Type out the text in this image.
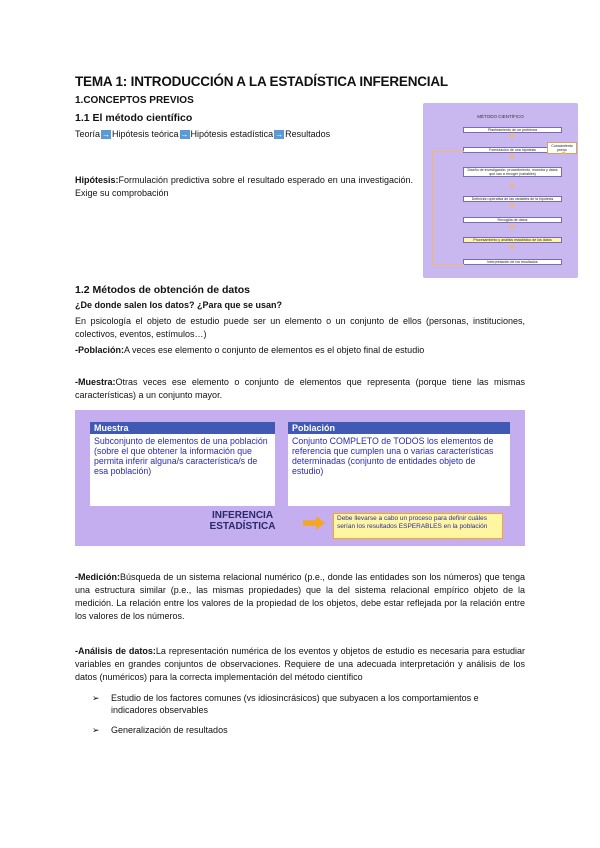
TEMA 1: INTRODUCCIÓN A LA ESTADÍSTICA INFERENCIAL
1.CONCEPTOS PREVIOS
1.1 El método científico
Teoría → Hipótesis teórica → Hipótesis estadística → Resultados
Hipótesis:Formulación predictiva sobre el resultado esperado en una investigación. Exige su comprobación
MÉTODO CIENTÍFICO
Planteamiento de un problema
Formulación de una hipótesis
Diseño de investigación: procedimiento, muestra y datos que van a recoger (variables)
Definición operativa de las variables de la hipótesis
Recogida de datos
Procesamiento y análisis estadístico de los datos
Interpretación de los resultados
Conocimiento previo
1.2 Métodos de obtención de datos
¿De donde salen los datos? ¿Para que se usan?
En psicología el objeto de estudio puede ser un elemento o un conjunto de ellos (personas, instituciones, colectivos, eventos, estímulos…)
-Población:A veces ese elemento o conjunto de elementos es el objeto final de estudio
-Muestra:Otras veces ese elemento o conjunto de elementos que representa (porque tiene las mismas características) a un conjunto mayor.
Muestra
Subconjunto de elementos de una población (sobre el que obtener la información que permita inferir alguna/s característica/s de esa población)
Población
Conjunto COMPLETO de TODOS los elementos de referencia que cumplen una o varias características determinadas (conjunto de entidades objeto de estudio)
INFERENCIA ESTADÍSTICA
Debe llevarse a cabo un proceso para definir cuáles serían los resultados ESPERABLES en la población
-Medición:Búsqueda de un sistema relacional numérico (p.e., donde las entidades son los números) que tenga una estructura similar (p.e., las mismas propiedades) que la del sistema relacional empírico objeto de la medición. La relación entre los valores de la propiedad de los objetos, debe estar reflejada por la relación entre los valores de los números.
-Análisis de datos:La representación numérica de los eventos y objetos de estudio es necesaria para estudiar variables en grandes conjuntos de observaciones. Requiere de una adecuada interpretación y análisis de los datos (numéricos) para la correcta implementación del método científico
➢ Estudio de los factores comunes (vs idiosincrásicos) que subyacen a los comportamientos e indicadores observables
➢ Generalización de resultados
